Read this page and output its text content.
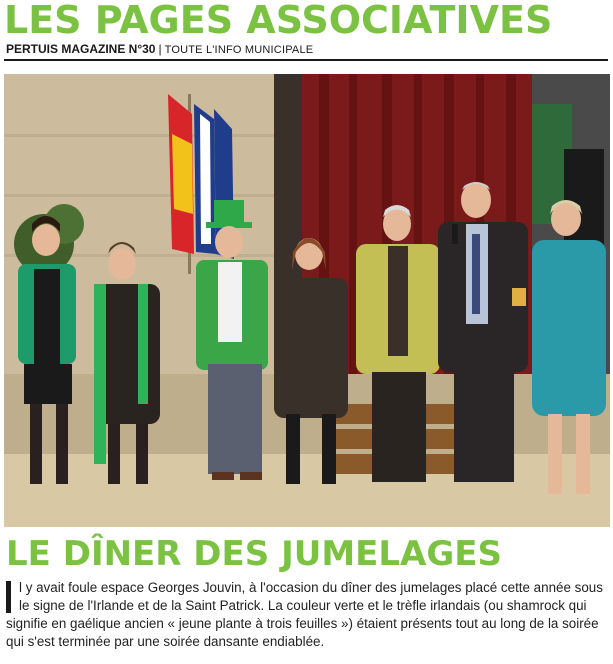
LES PAGES ASSOCIATIVES
PERTUIS MAGAZINE N°30 | TOUTE L'INFO MUNICIPALE
LE DÎNER DES JUMELAGES
l y avait foule espace Georges Jouvin, à l'occasion du dîner des jumelages placé cette année sous le signe de l'Irlande et de la Saint Patrick. La couleur verte et le trèfle irlandais (ou shamrock qui signifie en gaélique ancien « jeune plante à trois feuilles ») étaient présents tout au long de la soirée qui s'est terminée par une soirée dansante endiablée.
